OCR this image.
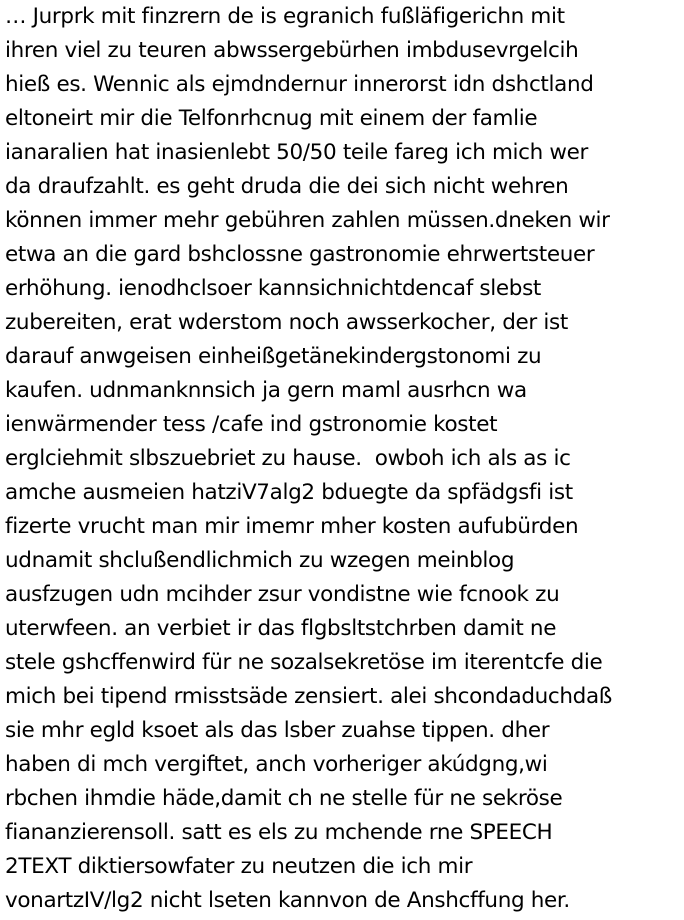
… Jurprk mit finzrern de is egranich fußläfigerichn mit
ihren viel zu teuren abwssergebürhen imbdusevrgelcih
hieß es. Wennic als ejmdndernur innerorst idn dshctland
eltoneirt mir die Telfonrhcnug mit einem der famlie
ianaralien hat inasienlebt 50/50 teile fareg ich mich wer
da draufzahlt. es geht druda die dei sich nicht wehren
können immer mehr gebühren zahlen müssen.dneken wir
etwa an die gard bshclossne gastronomie ehrwertsteuer
erhöhung. ienodhclsoer kannsichnichtdencaf slebst
zubereiten, erat wderstom noch awsserkocher, der ist
darauf anwgeisen einheißgetänekindergstonomi zu
kaufen. udnmanknnsich ja gern maml ausrhcn wa
ienwärmender tess /cafe ind gstronomie kostet
erglciehmit slbszuebriet zu hause.  owboh ich als as ic
amche ausmeien hatziV7alg2 bduegte da spfädgsfi ist
fizerte vrucht man mir imemr mher kosten aufubürden
udnamit shclußendlichmich zu wzegen meinblog
ausfzugen udn mcihder zsur vondistne wie fcnook zu
uterwfeen. an verbiet ir das flgbsltstchrben damit ne
stele gshcffenwird für ne sozalsekretöse im iterentcfe die
mich bei tipend rmisstsäde zensiert. alei shcondaduchdaß
sie mhr egld ksoet als das lsber zuahse tippen. dher
haben di mch vergiftet, anch vorheriger akúdgng,wi
rbchen ihmdie häde,damit ch ne stelle für ne sekröse
fiananzierensoll. satt es els zu mchende rne SPEECH
2TEXT diktiersowfater zu neutzen die ich mir
vonartzIV/lg2 nicht lseten kannvon de Anshcffung her.
